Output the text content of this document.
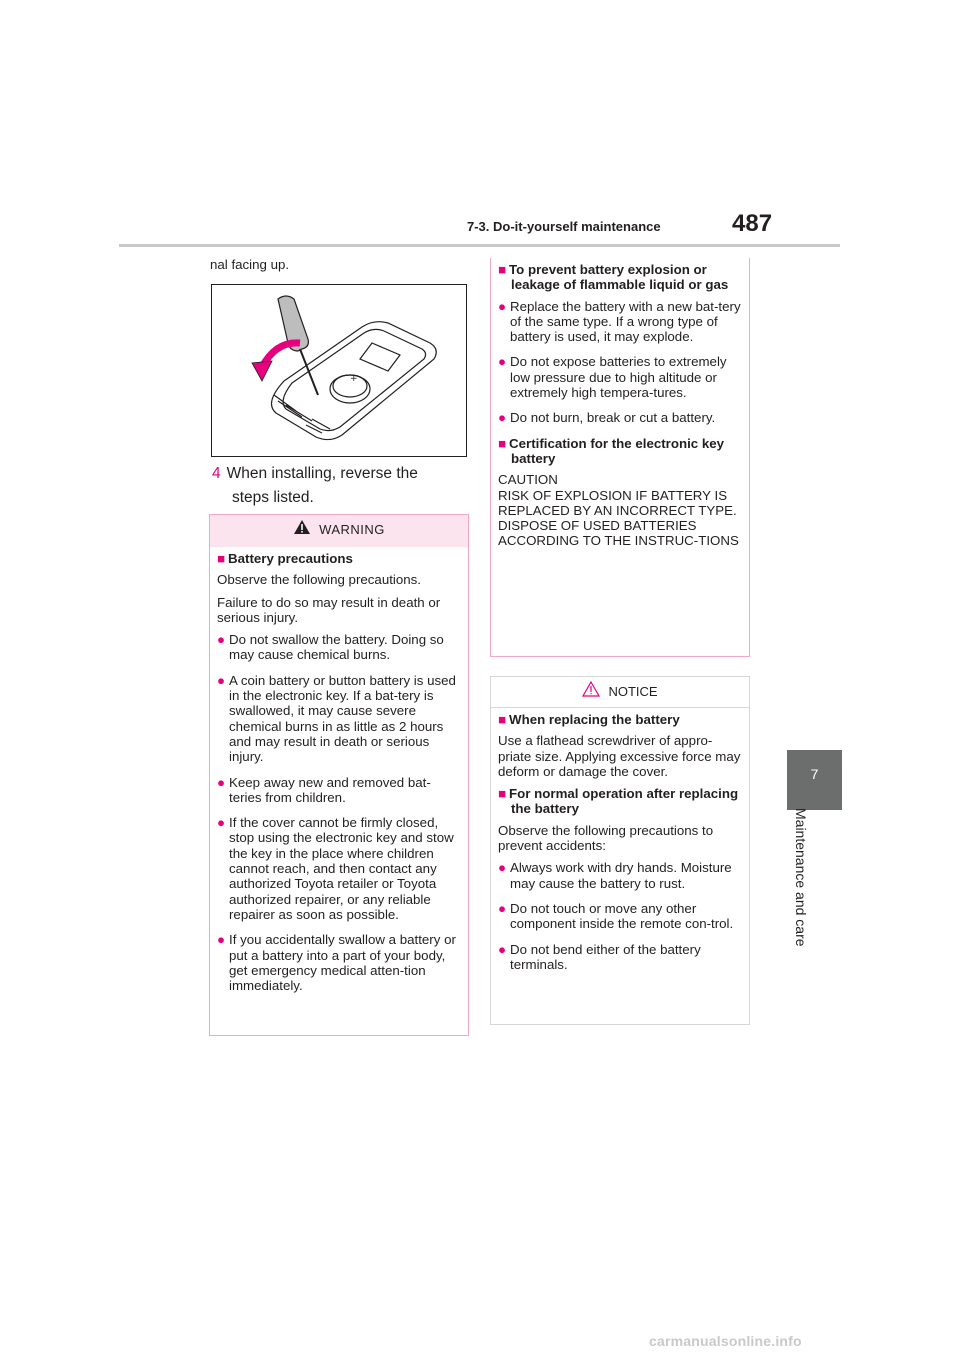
7-3. Do-it-yourself maintenance	487
7
Maintenance and care
nal facing up.
+
4 When installing, reverse the
steps listed.
WARNING
■ Battery precautions
Observe the following precautions.
Failure to do so may result in death or serious injury.
● Do not swallow the battery. Doing so may cause chemical burns.
● A coin battery or button battery is used in the electronic key. If a bat-tery is swallowed, it may cause severe chemical burns in as little as 2 hours and may result in death or serious injury.
● Keep away new and removed bat-teries from children.
● If the cover cannot be firmly closed, stop using the electronic key and stow the key in the place where children cannot reach, and then contact any authorized Toyota retailer or Toyota authorized repairer, or any reliable repairer as soon as possible.
● If you accidentally swallow a battery or put a battery into a part of your body, get emergency medical atten-tion immediately.
■ To prevent battery explosion or leakage of flammable liquid or gas
● Replace the battery with a new bat-tery of the same type. If a wrong type of battery is used, it may explode.
● Do not expose batteries to extremely low pressure due to high altitude or extremely high tempera-tures.
● Do not burn, break or cut a battery.
■ Certification for the electronic key battery
CAUTION
RISK OF EXPLOSION IF BATTERY IS REPLACED BY AN INCORRECT TYPE.
DISPOSE OF USED BATTERIES ACCORDING TO THE INSTRUC-TIONS
NOTICE
■ When replacing the battery
Use a flathead screwdriver of appro-priate size. Applying excessive force may deform or damage the cover.
■ For normal operation after replacing the battery
Observe the following precautions to prevent accidents:
● Always work with dry hands. Moisture may cause the battery to rust.
● Do not touch or move any other component inside the remote con-trol.
● Do not bend either of the battery terminals.
carmanualsonline.info
